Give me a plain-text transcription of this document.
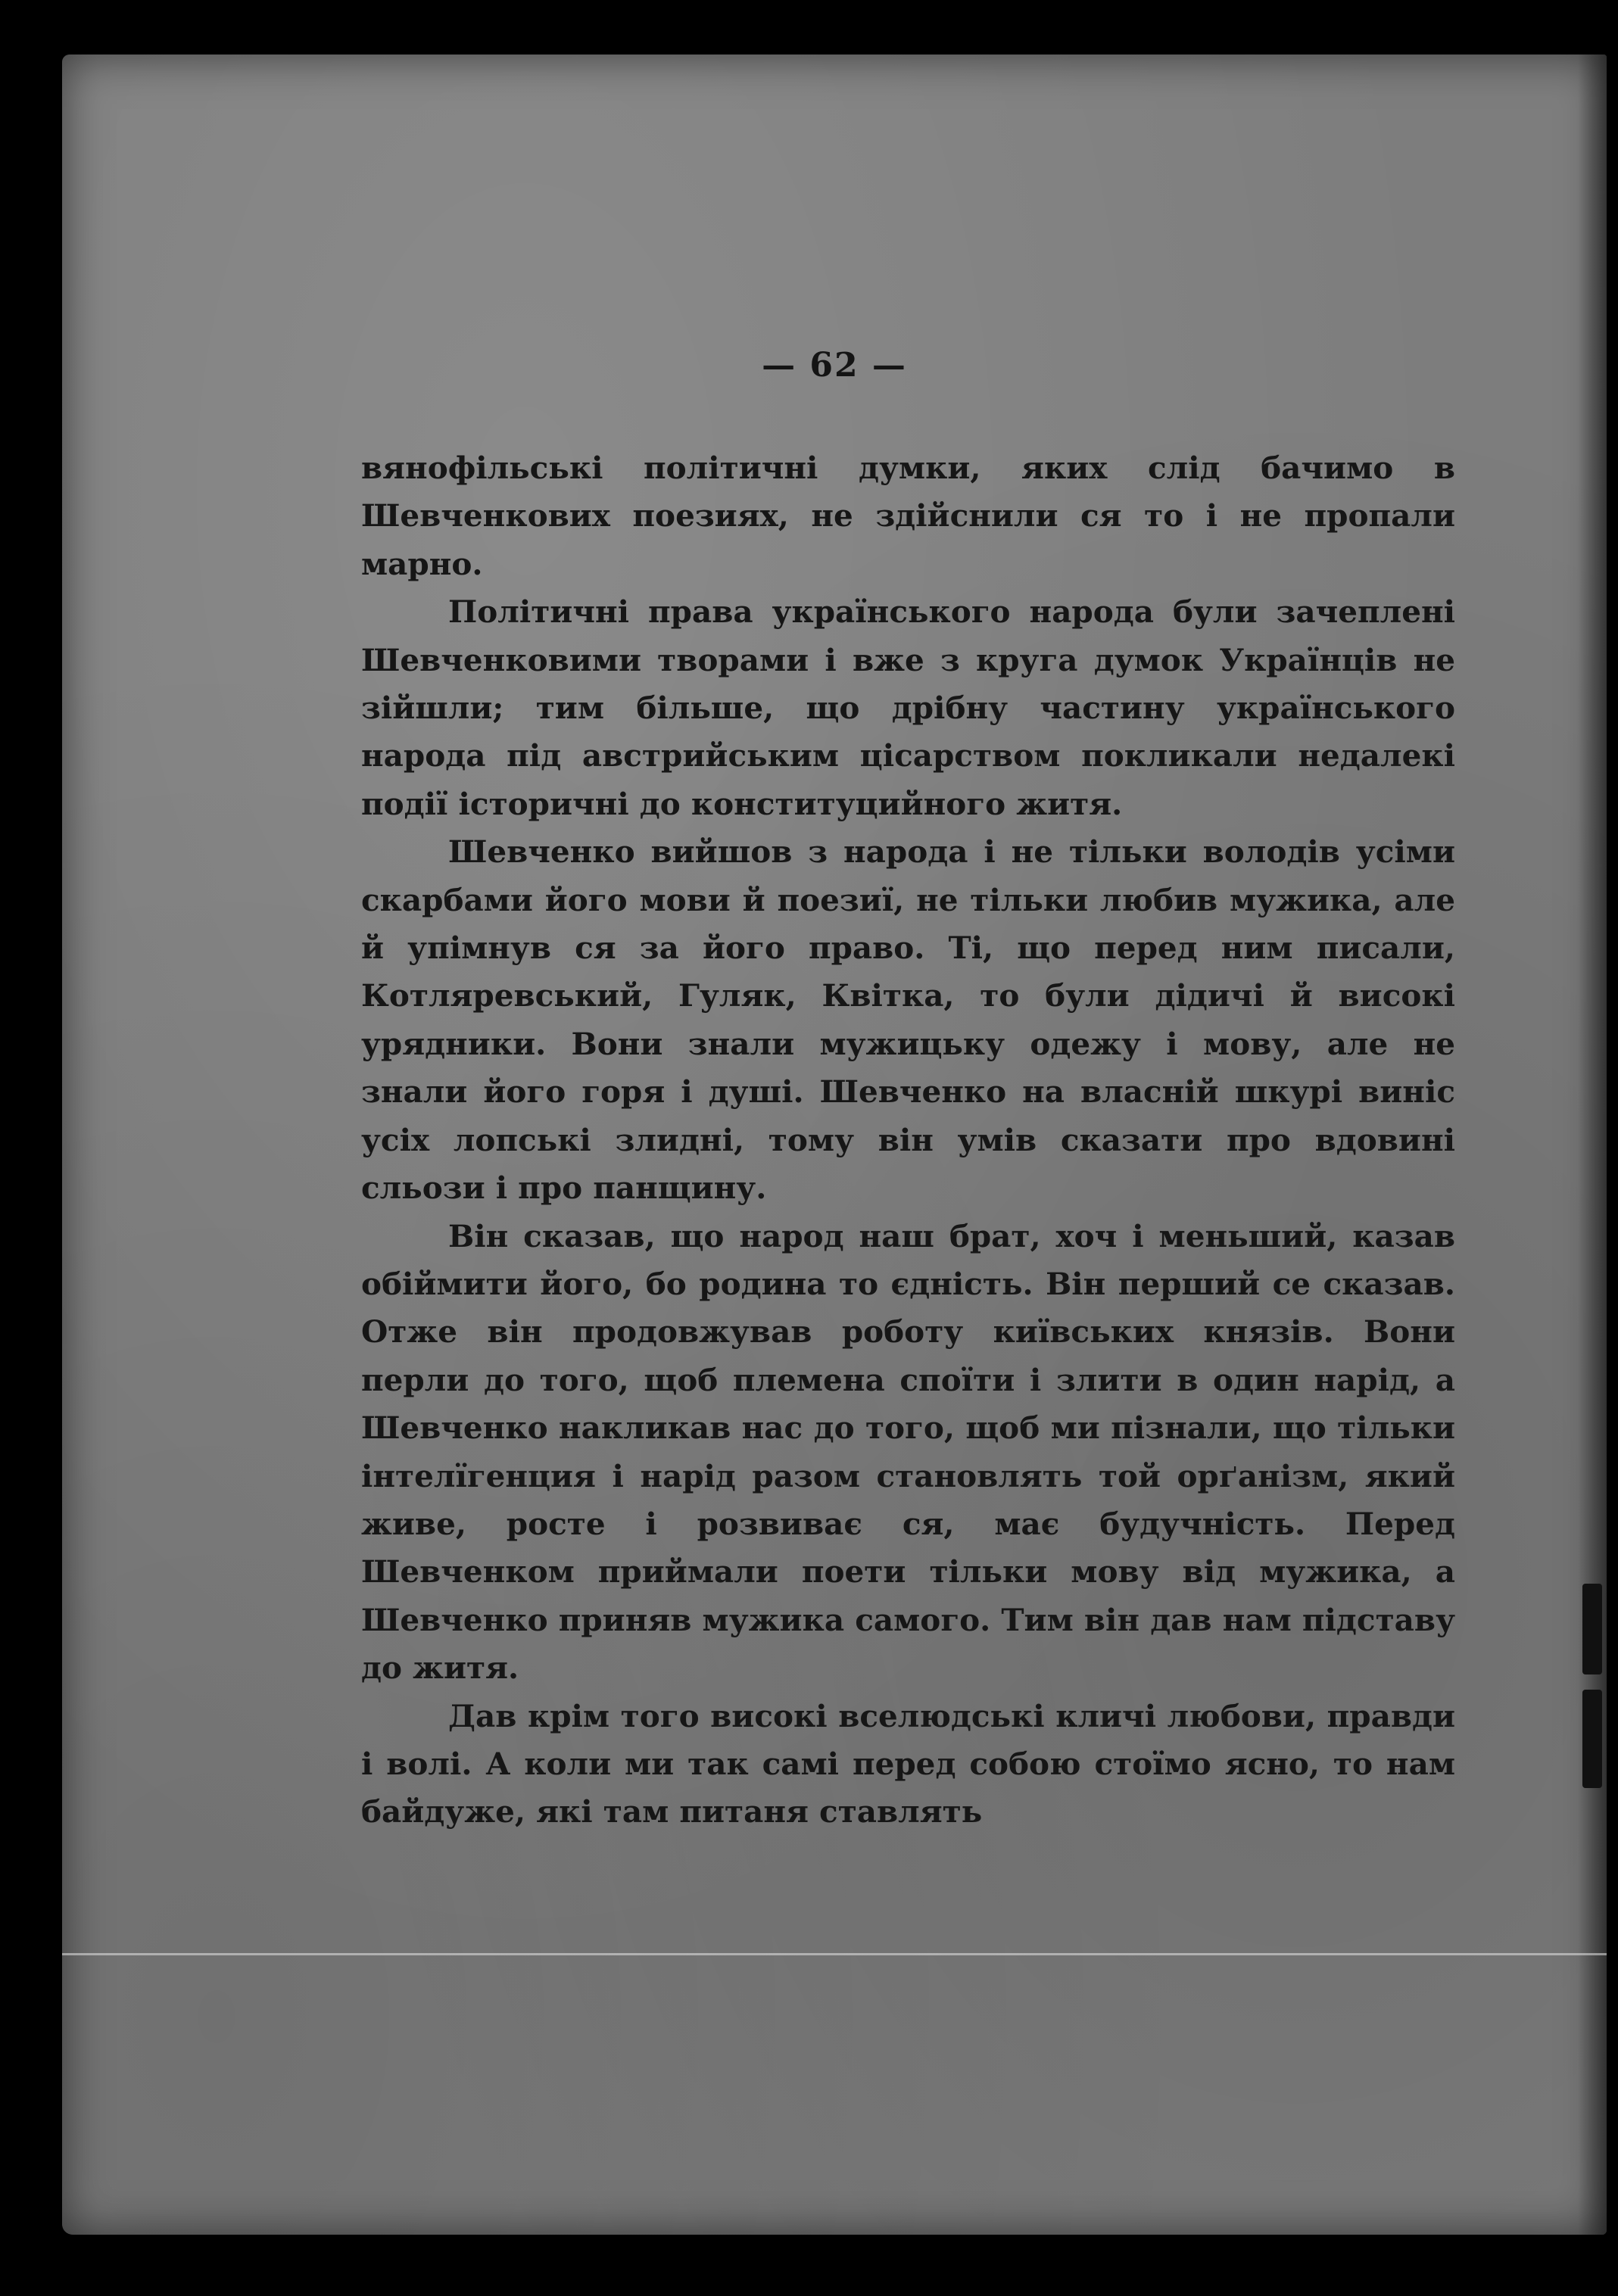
— 62 —

вянофільські політичні думки, яких слід бачимо в Шевченкових поезиях, не здійснили ся то і не пропали марно.

Політичні права українського народа були зачеплені Шевченковими творами і вже з круга думок Українців не зійшли; тим більше, що дрібну частину українського народа під австрийським цісарством покликали недалекі події історичні до конституцийного житя.

Шевченко вийшов з народа і не тільки володів усіми скарбами його мови й поезиї, не тільки любив мужика, але й упімнув ся за його право. Ті, що перед ним писали, Котляревський, Гуляк, Квітка, то були дідичі й високі урядники. Вони знали мужицьку одежу і мову, але не знали його горя і душі. Шевченко на власній шкурі виніс усіх лопські злидні, тому він умів сказати про вдовині сльози і про панщину.

Він сказав, що народ наш брат, хоч і меньший, казав обіймити його, бо родина то єдність. Він перший се сказав. Отже він продовжував роботу київських князів. Вони перли до того, щоб племена споїти і злити в один нарід, а Шевченко накликав нас до того, щоб ми пізнали, що тільки інтелїгенция і нарід разом становлять той орґанізм, який живе, росте і розвиває ся, має будучність. Перед Шевченком приймали поети тільки мову від мужика, а Шевченко приняв мужика самого. Тим він дав нам підставу до житя.

Дав крім того високі вселюдські кличі любови, правди і волі. А коли ми так самі перед собою стоїмо ясно, то нам байдуже, які там питаня ставлять
